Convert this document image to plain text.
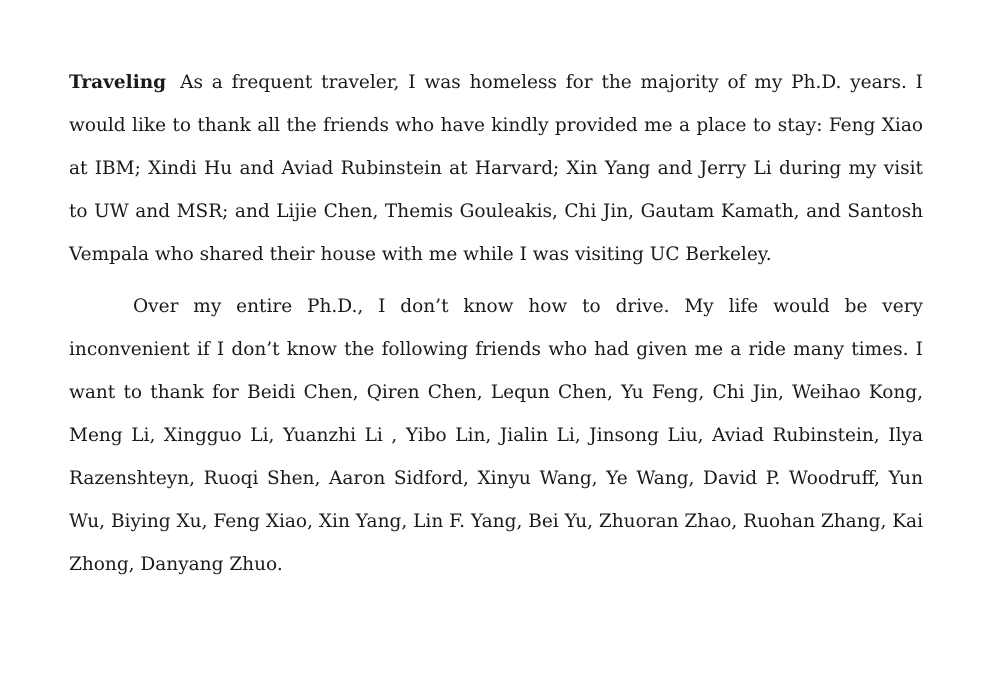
Traveling As a frequent traveler, I was homeless for the majority of my Ph.D. years. I would like to thank all the friends who have kindly provided me a place to stay: Feng Xiao at IBM; Xindi Hu and Aviad Rubinstein at Harvard; Xin Yang and Jerry Li during my visit to UW and MSR; and Lijie Chen, Themis Gouleakis, Chi Jin, Gautam Kamath, and Santosh Vempala who shared their house with me while I was visiting UC Berkeley.

Over my entire Ph.D., I don’t know how to drive. My life would be very inconvenient if I don’t know the following friends who had given me a ride many times. I want to thank for Beidi Chen, Qiren Chen, Lequn Chen, Yu Feng, Chi Jin, Weihao Kong, Meng Li, Xingguo Li, Yuanzhi Li , Yibo Lin, Jialin Li, Jinsong Liu, Aviad Rubinstein, Ilya Razenshteyn, Ruoqi Shen, Aaron Sidford, Xinyu Wang, Ye Wang, David P. Woodruff, Yun Wu, Biying Xu, Feng Xiao, Xin Yang, Lin F. Yang, Bei Yu, Zhuoran Zhao, Ruohan Zhang, Kai Zhong, Danyang Zhuo.
